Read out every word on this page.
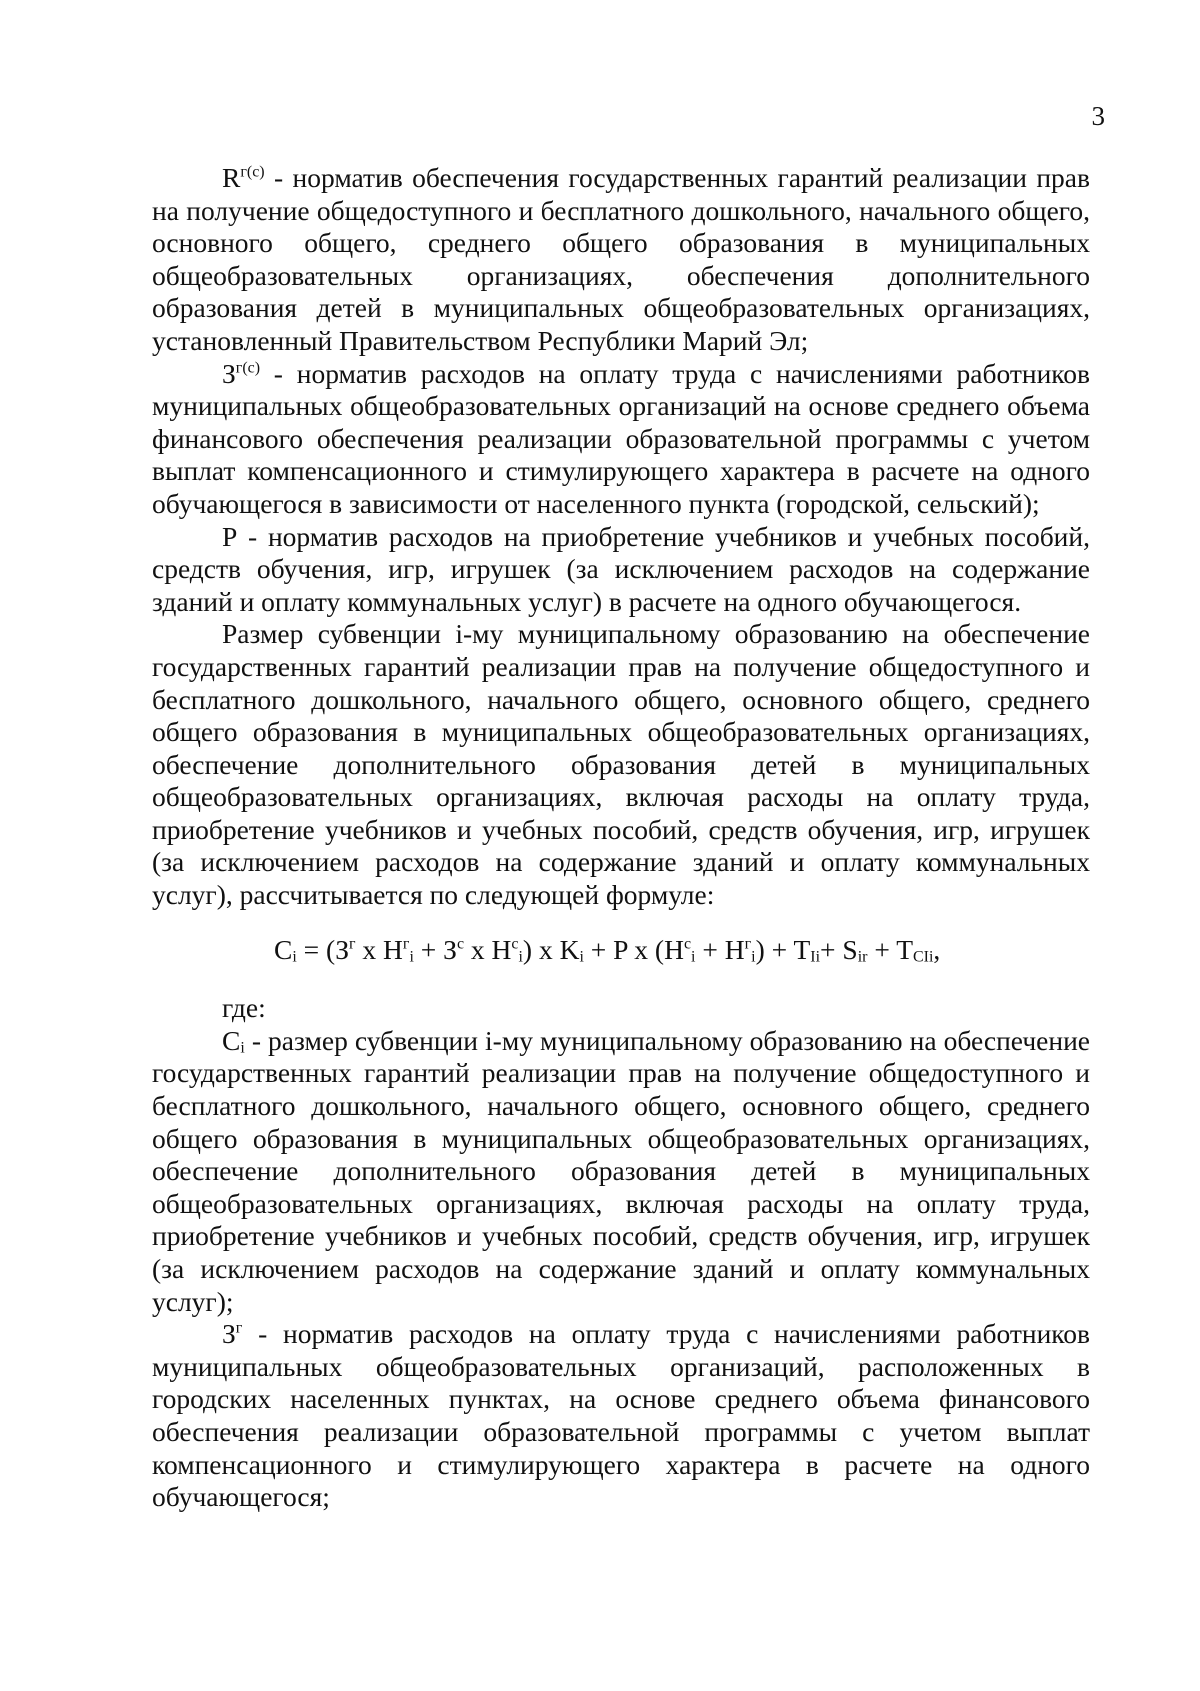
3

$R^{г(с)}$ - норматив обеспечения государственных гарантий реализации прав на получение общедоступного и бесплатного дошкольного, начального общего, основного общего, среднего общего образования в муниципальных общеобразовательных организациях, обеспечения дополнительного образования детей в муниципальных общеобразовательных организациях, установленный Правительством Республики Марий Эл;

$З^{г(с)}$ - норматив расходов на оплату труда с начислениями работников муниципальных общеобразовательных организаций на основе среднего объема финансового обеспечения реализации образовательной программы с учетом выплат компенсационного и стимулирующего характера в расчете на одного обучающегося в зависимости от населенного пункта (городской, сельский);

Р - норматив расходов на приобретение учебников и учебных пособий, средств обучения, игр, игрушек (за исключением расходов на содержание зданий и оплату коммунальных услуг) в расчете на одного обучающегося.

Размер субвенции i-му муниципальному образованию на обеспечение государственных гарантий реализации прав на получение общедоступного и бесплатного дошкольного, начального общего, основного общего, среднего общего образования в муниципальных общеобразовательных организациях, обеспечение дополнительного образования детей в муниципальных общеобразовательных организациях, включая расходы на оплату труда, приобретение учебников и учебных пособий, средств обучения, игр, игрушек (за исключением расходов на содержание зданий и оплату коммунальных услуг), рассчитывается по следующей формуле:

$C_i = (З^г$ x $Н^г_i + З^с$ x $Н^с_i$) x $K_i + P$ x $(Н^с_i + Н^г_i) + T_{Ii}+ S_{ir} + T_{CIi}$,

где:

$C_i$ - размер субвенции i-му муниципальному образованию на обеспечение государственных гарантий реализации прав на получение общедоступного и бесплатного дошкольного, начального общего, основного общего, среднего общего образования в муниципальных общеобразовательных организациях, обеспечение дополнительного образования детей в муниципальных общеобразовательных организациях, включая расходы на оплату труда, приобретение учебников и учебных пособий, средств обучения, игр, игрушек (за исключением расходов на содержание зданий и оплату коммунальных услуг);

$З^г$ - норматив расходов на оплату труда с начислениями работников муниципальных общеобразовательных организаций, расположенных в городских населенных пунктах, на основе среднего объема финансового обеспечения реализации образовательной программы с учетом выплат компенсационного и стимулирующего характера в расчете на одного обучающегося;
